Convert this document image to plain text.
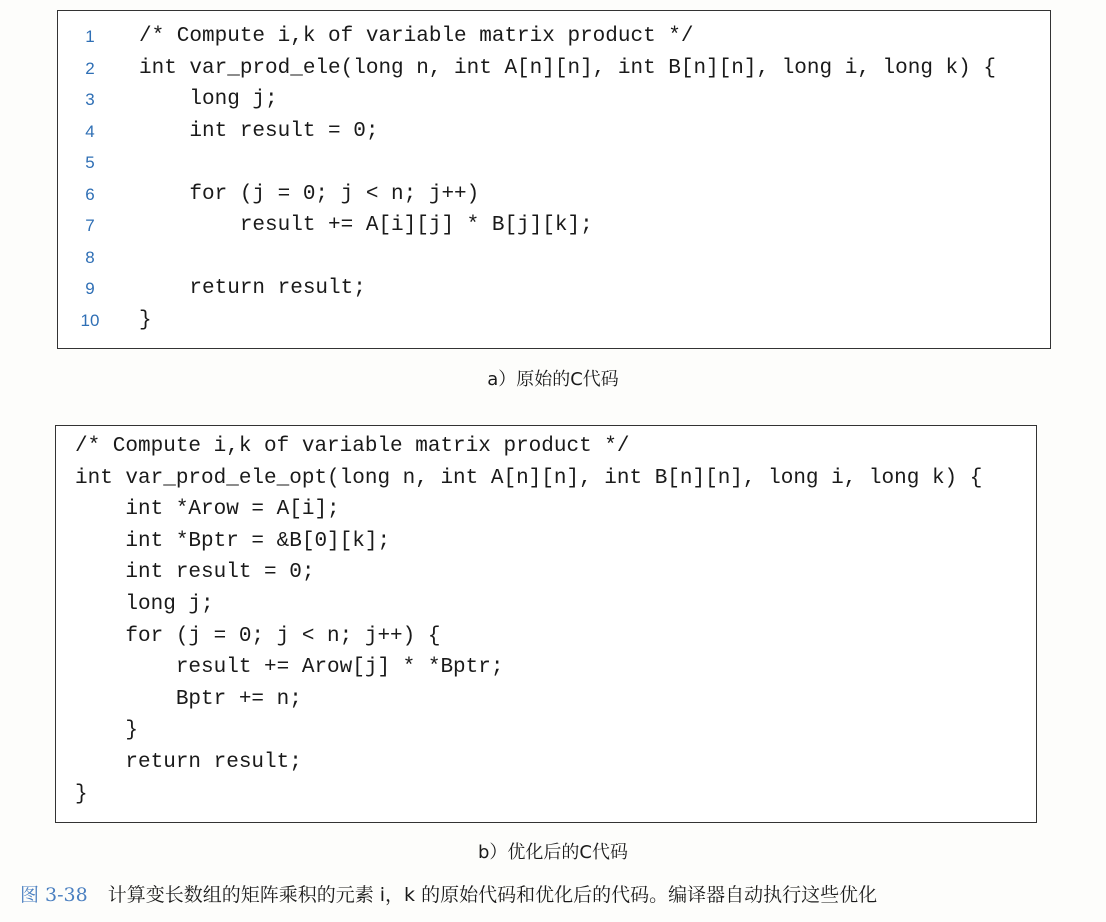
1	/* Compute i,k of variable matrix product */
2	int var_prod_ele(long n, int A[n][n], int B[n][n], long i, long k) {
3	long j;
4	int result = 0;
5
6	for (j = 0; j < n; j++)
7	result += A[i][j] * B[j][k];
8
9	return result;
10	}
a）原始的C代码
/* Compute i,k of variable matrix product */
int var_prod_ele_opt(long n, int A[n][n], int B[n][n], long i, long k) {
int *Arow = A[i];
int *Bptr = &B[0][k];
int result = 0;
long j;
for (j = 0; j < n; j++) {
result += Arow[j] * *Bptr;
Bptr += n;
}
return result;
}
b）优化后的C代码
图 3-38 计算变长数组的矩阵乘积的元素 i，k 的原始代码和优化后的代码。编译器自动执行这些优化
